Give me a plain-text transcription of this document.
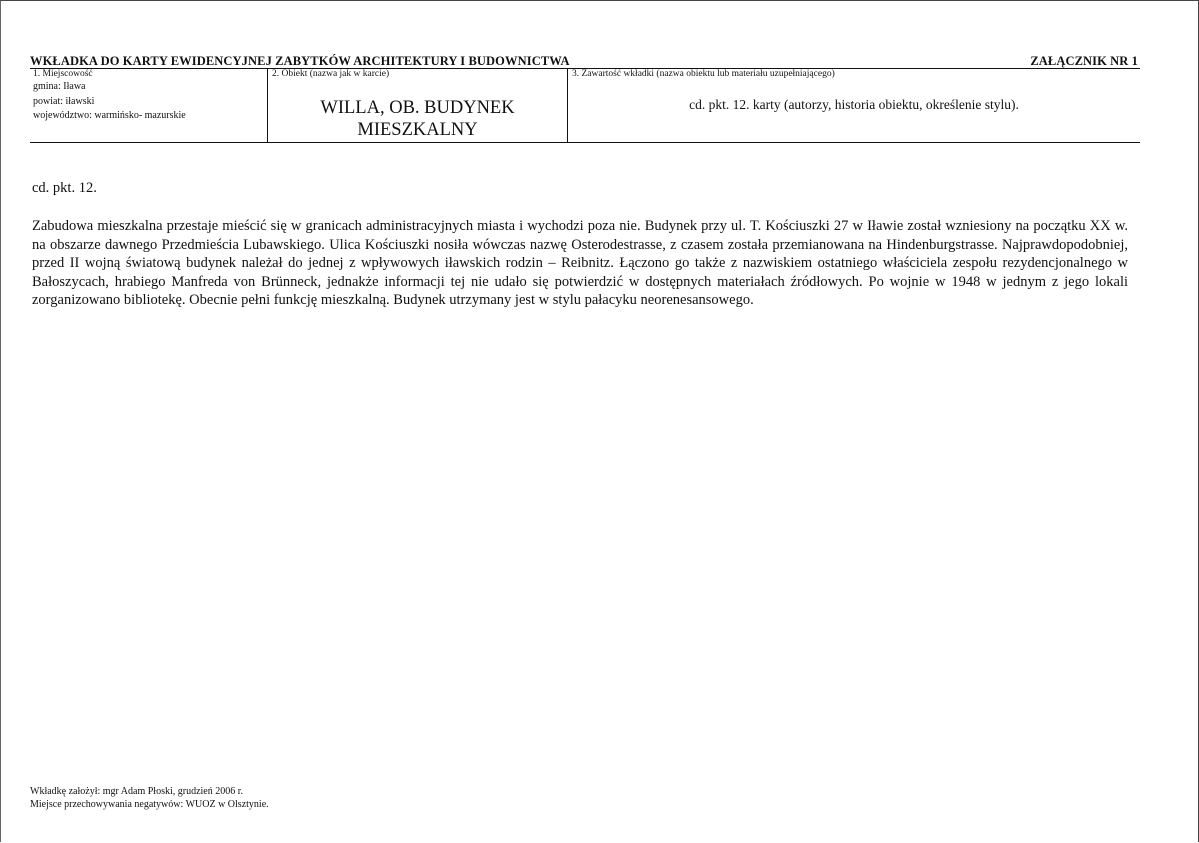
WKŁADKA DO KARTY EWIDENCYJNEJ ZABYTKÓW ARCHITEKTURY I BUDOWNICTWA	ZAŁĄCZNIK NR 1
1. Miejscowość
gmina: Iława
powiat: iławski
województwo: warmińsko- mazurskie
2. Obiekt (nazwa jak w karcie)
WILLA, OB. BUDYNEK
MIESZKALNY
3. Zawartość wkładki (nazwa obiektu lub materiału uzupełniającego)
cd. pkt. 12. karty (autorzy, historia obiektu, określenie stylu).
cd. pkt. 12.
Zabudowa mieszkalna przestaje mieścić się w granicach administracyjnych miasta i wychodzi poza nie. Budynek przy ul. T. Kościuszki 27 w Iławie został wzniesiony na początku XX w. na obszarze dawnego Przedmieścia Lubawskiego. Ulica Kościuszki nosiła wówczas nazwę Osterodestrasse, z czasem została przemianowana na Hindenburgstrasse. Najprawdopodobniej, przed II wojną światową budynek należał do jednej z wpływowych iławskich rodzin – Reibnitz. Łączono go także z nazwiskiem ostatniego właściciela zespołu rezydencjonalnego w Bałoszycach, hrabiego Manfreda von Brünneck, jednakże informacji tej nie udało się potwierdzić w dostępnych materiałach źródłowych. Po wojnie w 1948 w jednym z jego lokali zorganizowano bibliotekę. Obecnie pełni funkcję mieszkalną. Budynek utrzymany jest w stylu pałacyku neorenesansowego.
Wkładkę założył: mgr Adam Płoski, grudzień 2006 r.
Miejsce przechowywania negatywów: WUOZ w Olsztynie.
